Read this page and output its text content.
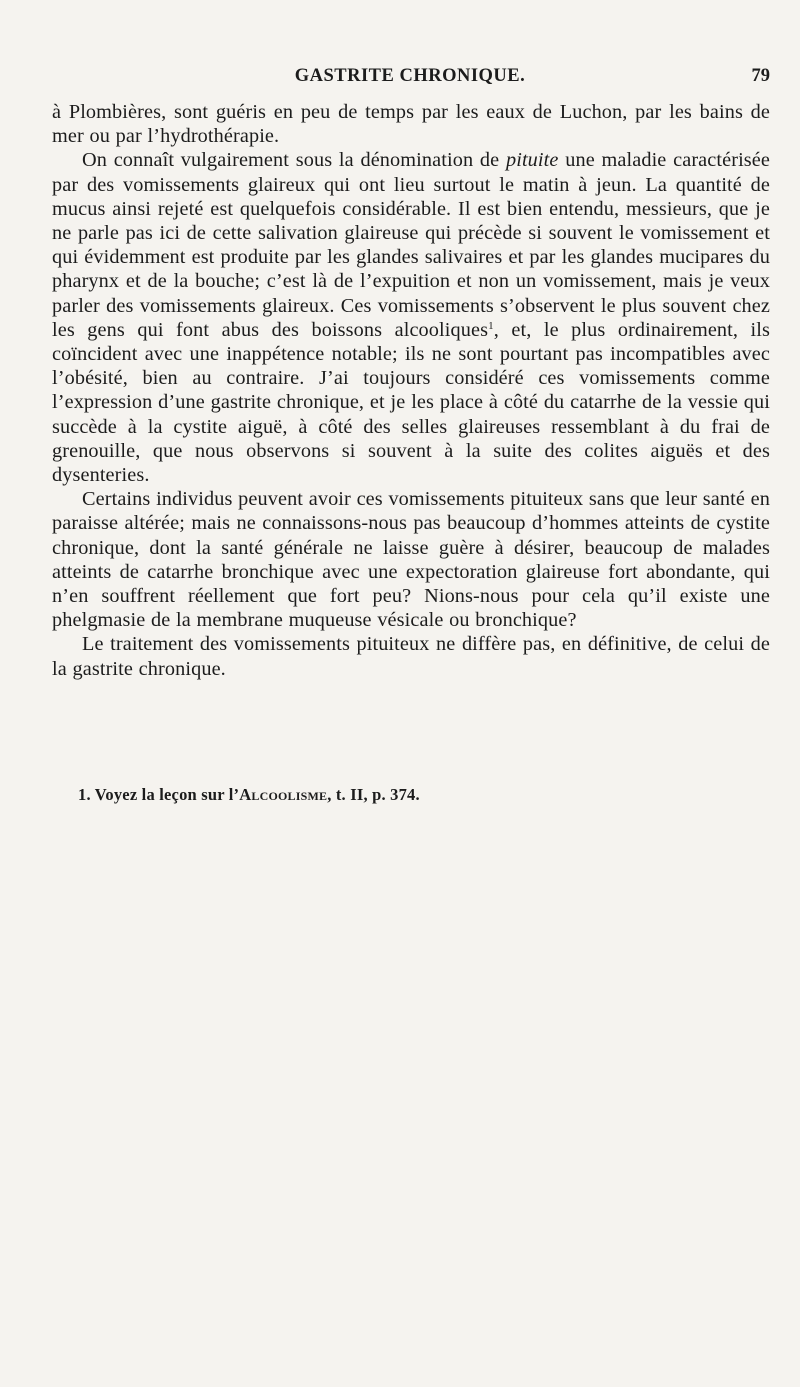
GASTRITE CHRONIQUE.	79

à Plombières, sont guéris en peu de temps par les eaux de Luchon, par les bains de mer ou par l’hydrothérapie.

On connaît vulgairement sous la dénomination de pituite une maladie caractérisée par des vomissements glaireux qui ont lieu surtout le matin à jeun. La quantité de mucus ainsi rejeté est quelquefois considérable. Il est bien entendu, messieurs, que je ne parle pas ici de cette salivation glaireuse qui précède si souvent le vomissement et qui évidemment est produite par les glandes salivaires et par les glandes mucipares du pharynx et de la bouche; c’est là de l’expuition et non un vomissement, mais je veux parler des vomissements glaireux. Ces vomissements s’observent le plus souvent chez les gens qui font abus des boissons alcooliques$^1$, et, le plus ordinairement, ils coïncident avec une inappétence notable; ils ne sont pourtant pas incompatibles avec l’obésité, bien au contraire. J’ai toujours considéré ces vomissements comme l’expression d’une gastrite chronique, et je les place à côté du catarrhe de la vessie qui succède à la cystite aiguë, à côté des selles glaireuses ressemblant à du frai de grenouille, que nous observons si souvent à la suite des colites aiguës et des dysenteries.

Certains individus peuvent avoir ces vomissements pituiteux sans que leur santé en paraisse altérée; mais ne connaissons-nous pas beaucoup d’hommes atteints de cystite chronique, dont la santé générale ne laisse guère à désirer, beaucoup de malades atteints de catarrhe bronchique avec une expectoration glaireuse fort abondante, qui n’en souffrent réellement que fort peu? Nions-nous pour cela qu’il existe une phelgmasie de la membrane muqueuse vésicale ou bronchique?

Le traitement des vomissements pituiteux ne diffère pas, en définitive, de celui de la gastrite chronique.

1. Voyez la leçon sur l’Alcoolisme, t. II, p. 374.
